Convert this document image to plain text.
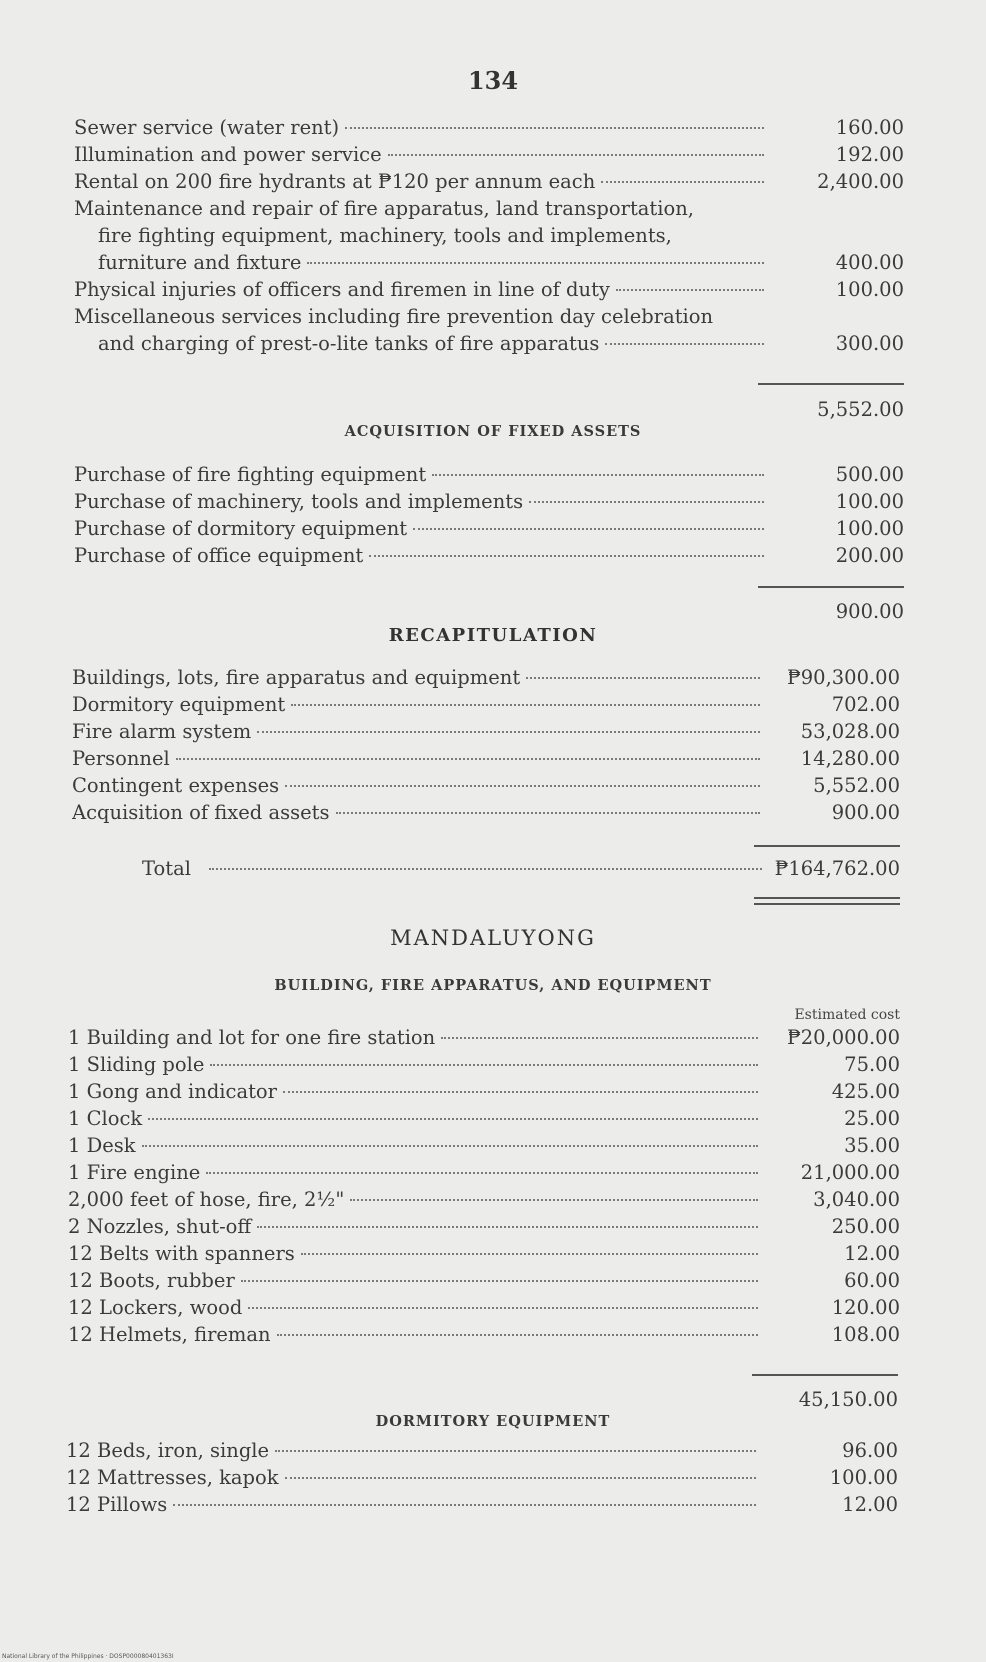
134
Sewer service (water rent)	160.00
Illumination and power service	192.00
Rental on 200 fire hydrants at ₱120 per annum each	2,400.00
Maintenance and repair of fire apparatus, land transportation,
fire fighting equipment, machinery, tools and implements,
furniture and fixture	400.00
Physical injuries of officers and firemen in line of duty	100.00
Miscellaneous services including fire prevention day celebration
and charging of prest-o-lite tanks of fire apparatus	300.00
5,552.00
ACQUISITION OF FIXED ASSETS
Purchase of fire fighting equipment	500.00
Purchase of machinery, tools and implements	100.00
Purchase of dormitory equipment	100.00
Purchase of office equipment	200.00
900.00
RECAPITULATION
Buildings, lots, fire apparatus and equipment	₱90,300.00
Dormitory equipment	702.00
Fire alarm system	53,028.00
Personnel	14,280.00
Contingent expenses	5,552.00
Acquisition of fixed assets	900.00
Total	₱164,762.00
MANDALUYONG
BUILDING, FIRE APPARATUS, AND EQUIPMENT
Estimated cost
1 Building and lot for one fire station	₱20,000.00
1 Sliding pole	75.00
1 Gong and indicator	425.00
1 Clock	25.00
1 Desk	35.00
1 Fire engine	21,000.00
2,000 feet of hose, fire, 2½"	3,040.00
2 Nozzles, shut-off	250.00
12 Belts with spanners	12.00
12 Boots, rubber	60.00
12 Lockers, wood	120.00
12 Helmets, fireman	108.00
45,150.00
DORMITORY EQUIPMENT
12 Beds, iron, single	96.00
12 Mattresses, kapok	100.00
12 Pillows	12.00
National Library of the Philippines · DOSP000080401363I
